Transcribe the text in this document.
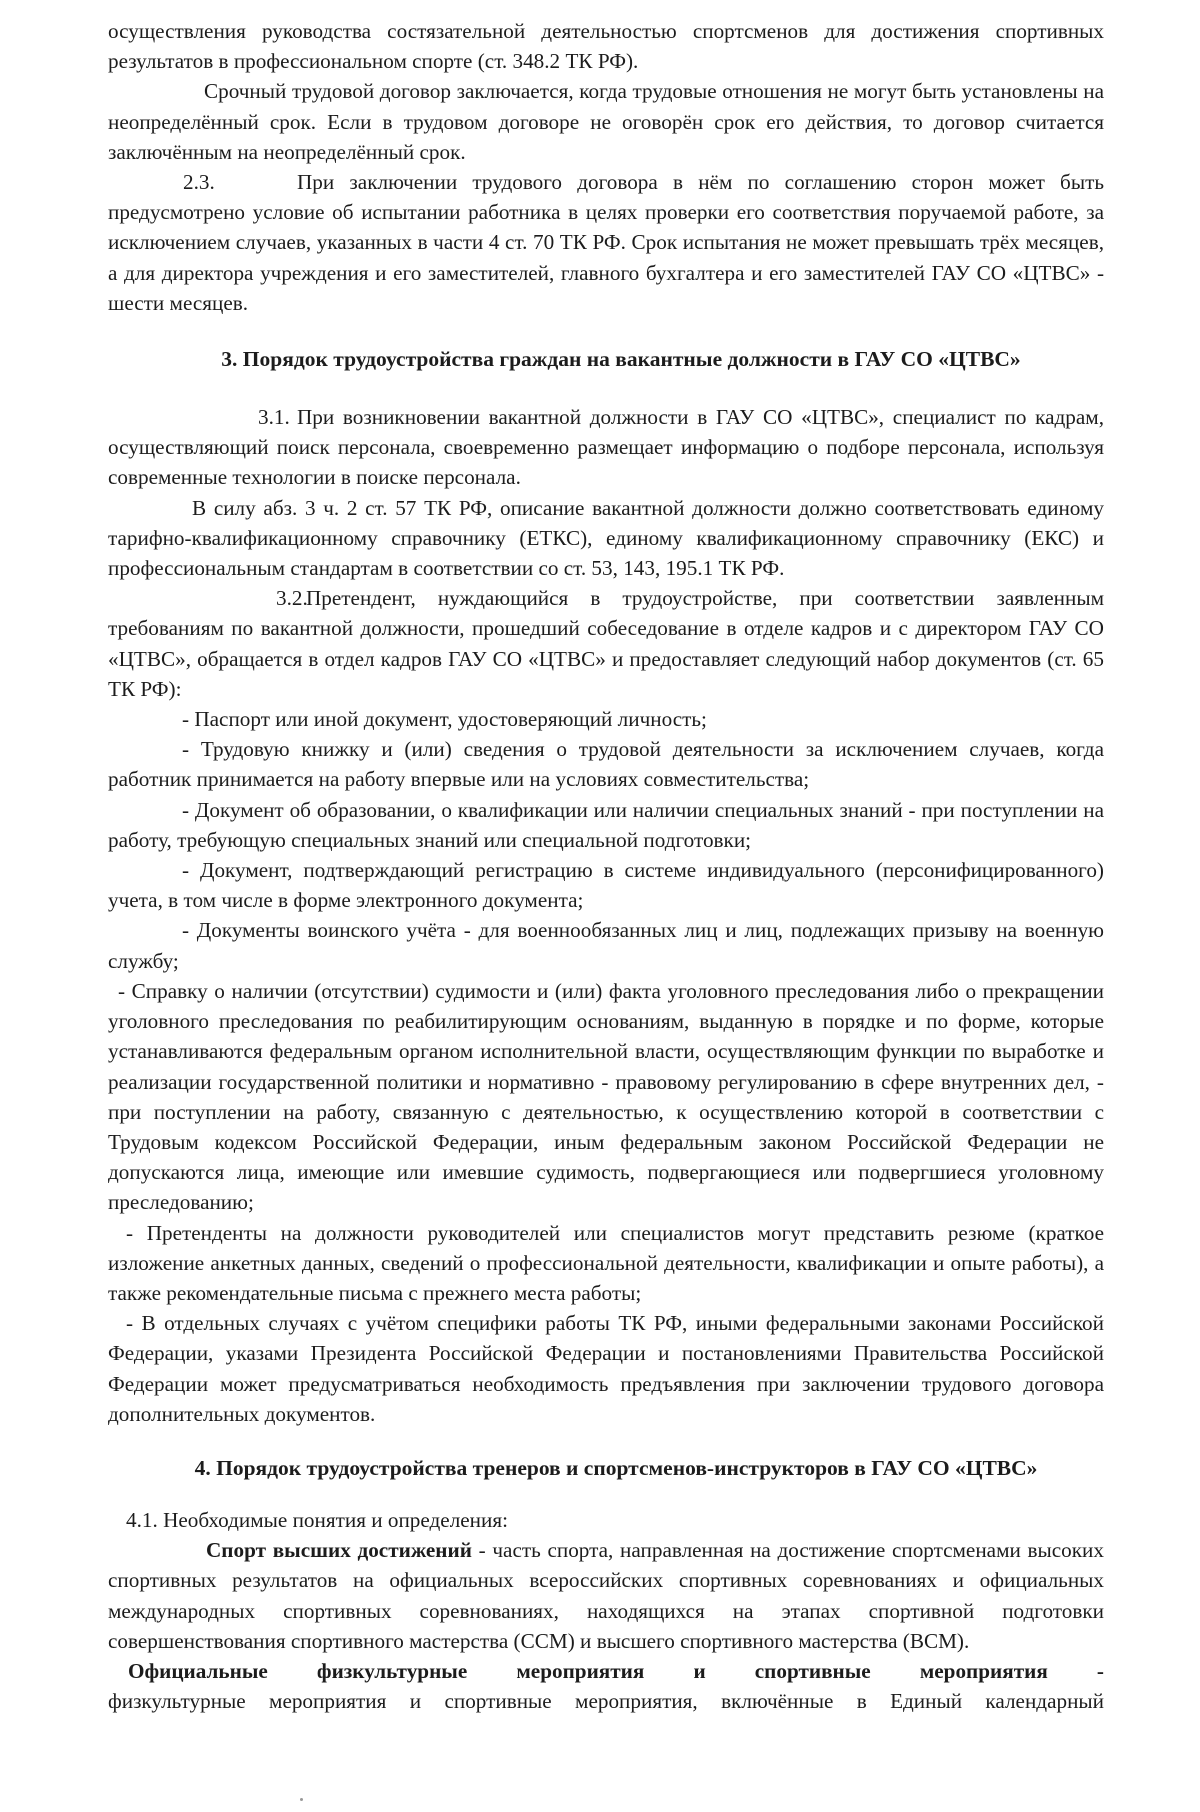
осуществления руководства состязательной деятельностью спортсменов для достижения спортивных результатов в профессиональном спорте (ст. 348.2 ТК РФ).

Срочный трудовой договор заключается, когда трудовые отношения не могут быть установлены на неопределённый срок. Если в трудовом договоре не оговорён срок его действия, то договор считается заключённым на неопределённый срок.

2.3.	При заключении трудового договора в нём по соглашению сторон может быть предусмотрено условие об испытании работника в целях проверки его соответствия поручаемой работе, за исключением случаев, указанных в части 4 ст. 70 ТК РФ. Срок испытания не может превышать трёх месяцев, а для директора учреждения и его заместителей, главного бухгалтера и его заместителей ГАУ СО «ЦТВС» - шести месяцев.

3. Порядок трудоустройства граждан на вакантные должности в ГАУ СО «ЦТВС»

3.1. При возникновении вакантной должности в ГАУ СО «ЦТВС», специалист по кадрам, осуществляющий поиск персонала, своевременно размещает информацию о подборе персонала, используя современные технологии в поиске персонала.

В силу абз. 3 ч. 2 ст. 57 ТК РФ, описание вакантной должности должно соответствовать единому тарифно-квалификационному справочнику (ЕТКС), единому квалификационному справочнику (ЕКС) и профессиональным стандартам в соответствии со ст. 53, 143, 195.1 ТК РФ.

3.2.Претендент, нуждающийся в трудоустройстве, при соответствии заявленным требованиям по вакантной должности, прошедший собеседование в отделе кадров и с директором ГАУ СО «ЦТВС», обращается в отдел кадров ГАУ СО «ЦТВС» и предоставляет следующий набор документов (ст. 65 ТК РФ):

- Паспорт или иной документ, удостоверяющий личность;

- Трудовую книжку и (или) сведения о трудовой деятельности за исключением случаев, когда работник принимается на работу впервые или на условиях совместительства;

- Документ об образовании, о квалификации или наличии специальных знаний - при поступлении на работу, требующую специальных знаний или специальной подготовки;

- Документ, подтверждающий регистрацию в системе индивидуального (персонифицированного) учета, в том числе в форме электронного документа;

- Документы воинского учёта - для военнообязанных лиц и лиц, подлежащих призыву на военную службу;

- Справку о наличии (отсутствии) судимости и (или) факта уголовного преследования либо о прекращении уголовного преследования по реабилитирующим основаниям, выданную в порядке и по форме, которые устанавливаются федеральным органом исполнительной власти, осуществляющим функции по выработке и реализации государственной политики и нормативно - правовому регулированию в сфере внутренних дел, - при поступлении на работу, связанную с деятельностью, к осуществлению которой в соответствии с Трудовым кодексом Российской Федерации, иным федеральным законом Российской Федерации не допускаются лица, имеющие или имевшие судимость, подвергающиеся или подвергшиеся уголовному преследованию;

- Претенденты на должности руководителей или специалистов могут представить резюме (краткое изложение анкетных данных, сведений о профессиональной деятельности, квалификации и опыте работы), а также рекомендательные письма с прежнего места работы;

- В отдельных случаях с учётом специфики работы ТК РФ, иными федеральными законами Российской Федерации, указами Президента Российской Федерации и постановлениями Правительства Российской Федерации может предусматриваться необходимость предъявления при заключении трудового договора дополнительных документов.

4. Порядок трудоустройства тренеров и спортсменов-инструкторов в ГАУ СО «ЦТВС»

4.1. Необходимые понятия и определения:

Спорт высших достижений - часть спорта, направленная на достижение спортсменами высоких спортивных результатов на официальных всероссийских спортивных соревнованиях и официальных международных спортивных соревнованиях, находящихся на этапах спортивной подготовки совершенствования спортивного мастерства (ССМ) и высшего спортивного мастерства (ВСМ).

Официальные физкультурные мероприятия и спортивные мероприятия -

физкультурные мероприятия и спортивные мероприятия, включённые в Единый календарный
